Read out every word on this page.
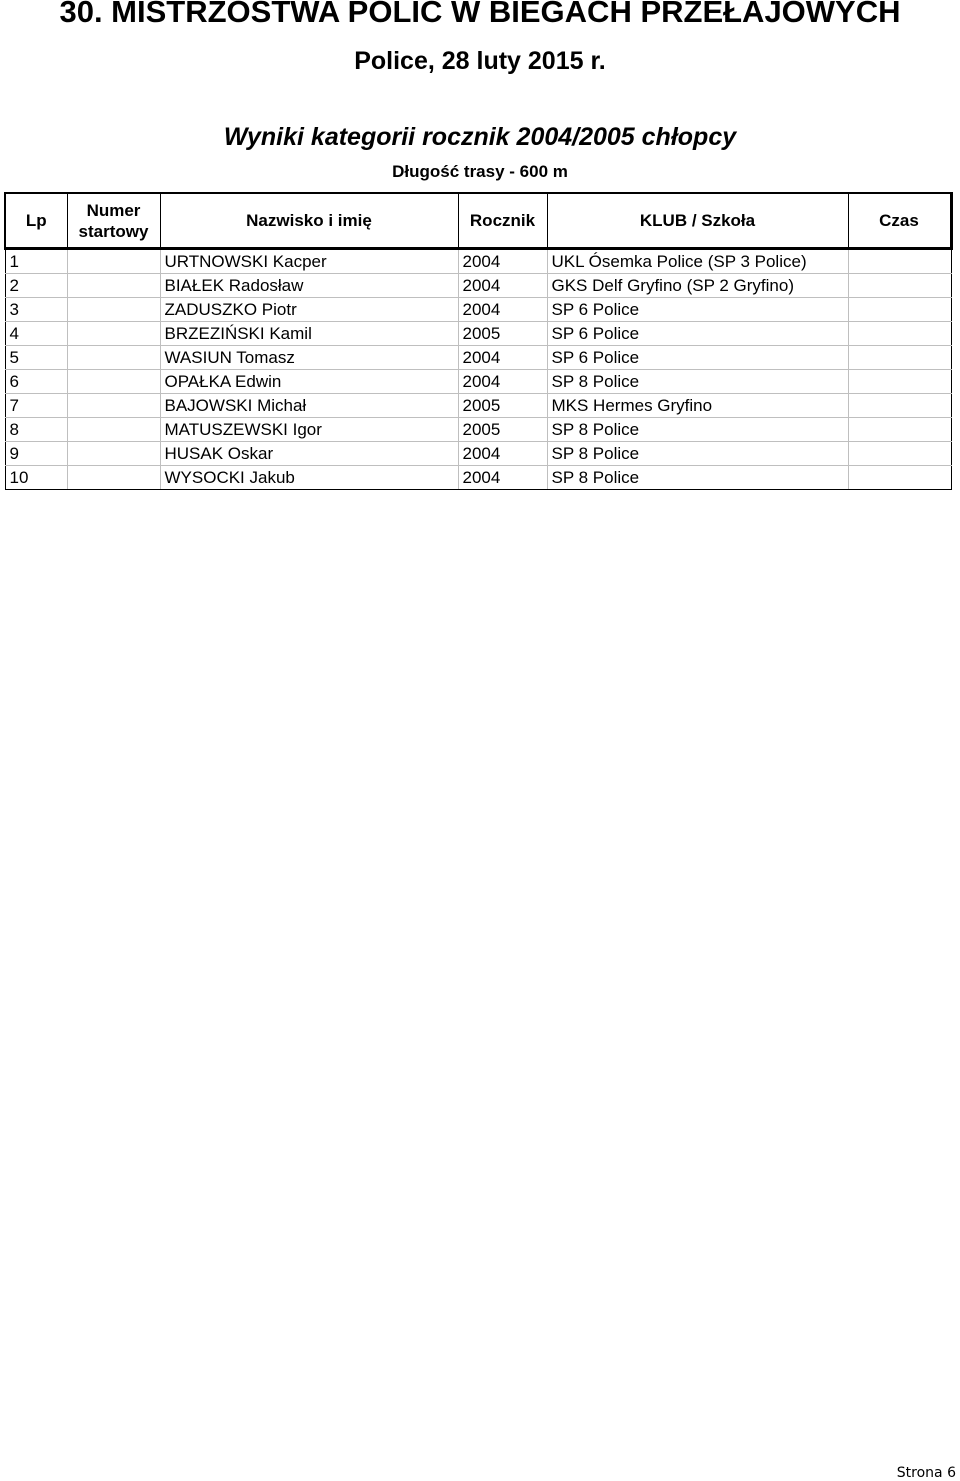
30. MISTRZOSTWA POLIC W BIEGACH PRZEŁAJOWYCH
Police, 28 luty 2015 r.
Wyniki kategorii rocznik 2004/2005 chłopcy
Długość trasy - 600 m
Lp	Numer startowy	Nazwisko i imię	Rocznik	KLUB / Szkoła	Czas
1		URTNOWSKI Kacper	2004	UKL Ósemka Police (SP 3 Police)	
2		BIAŁEK Radosław	2004	GKS Delf Gryfino (SP 2 Gryfino)	
3		ZADUSZKO Piotr	2004	SP 6 Police	
4		BRZEZIŃSKI Kamil	2005	SP 6 Police	
5		WASIUN Tomasz	2004	SP 6 Police	
6		OPAŁKA Edwin	2004	SP 8 Police	
7		BAJOWSKI Michał	2005	MKS Hermes Gryfino	
8		MATUSZEWSKI Igor	2005	SP 8 Police	
9		HUSAK Oskar	2004	SP 8 Police	
10		WYSOCKI Jakub	2004	SP 8 Police	
Strona 6
